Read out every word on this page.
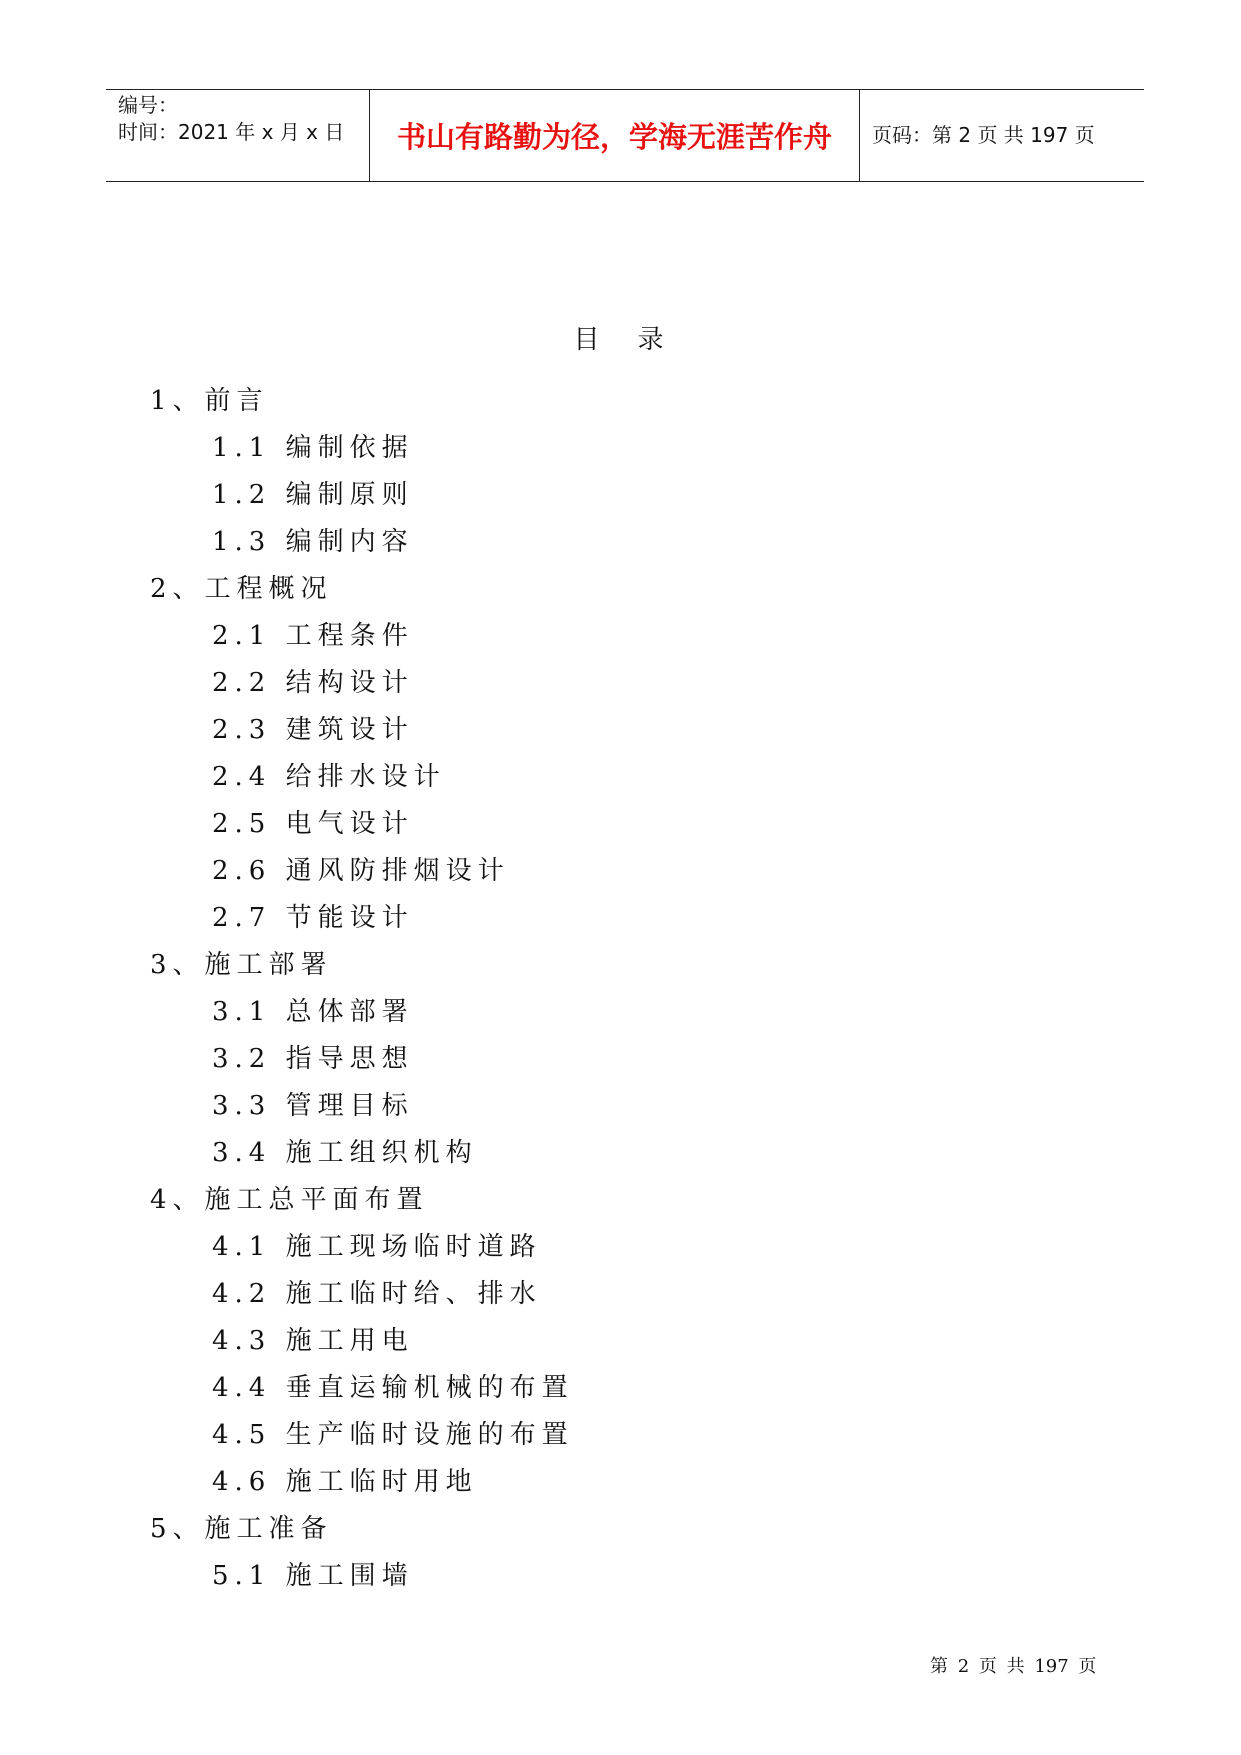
编号：
时间：2021 年 x 月 x 日	书山有路勤为径，学海无涯苦作舟	页码：第 2 页 共 197 页
目 录
1、前言
1.1 编制依据
1.2 编制原则
1.3 编制内容
2、工程概况
2.1 工程条件
2.2 结构设计
2.3 建筑设计
2.4 给排水设计
2.5 电气设计
2.6 通风防排烟设计
2.7 节能设计
3、施工部署
3.1 总体部署
3.2 指导思想
3.3 管理目标
3.4 施工组织机构
4、施工总平面布置
4.1 施工现场临时道路
4.2 施工临时给、排水
4.3 施工用电
4.4 垂直运输机械的布置
4.5 生产临时设施的布置
4.6 施工临时用地
5、施工准备
5.1 施工围墙
第 2 页 共 197 页
